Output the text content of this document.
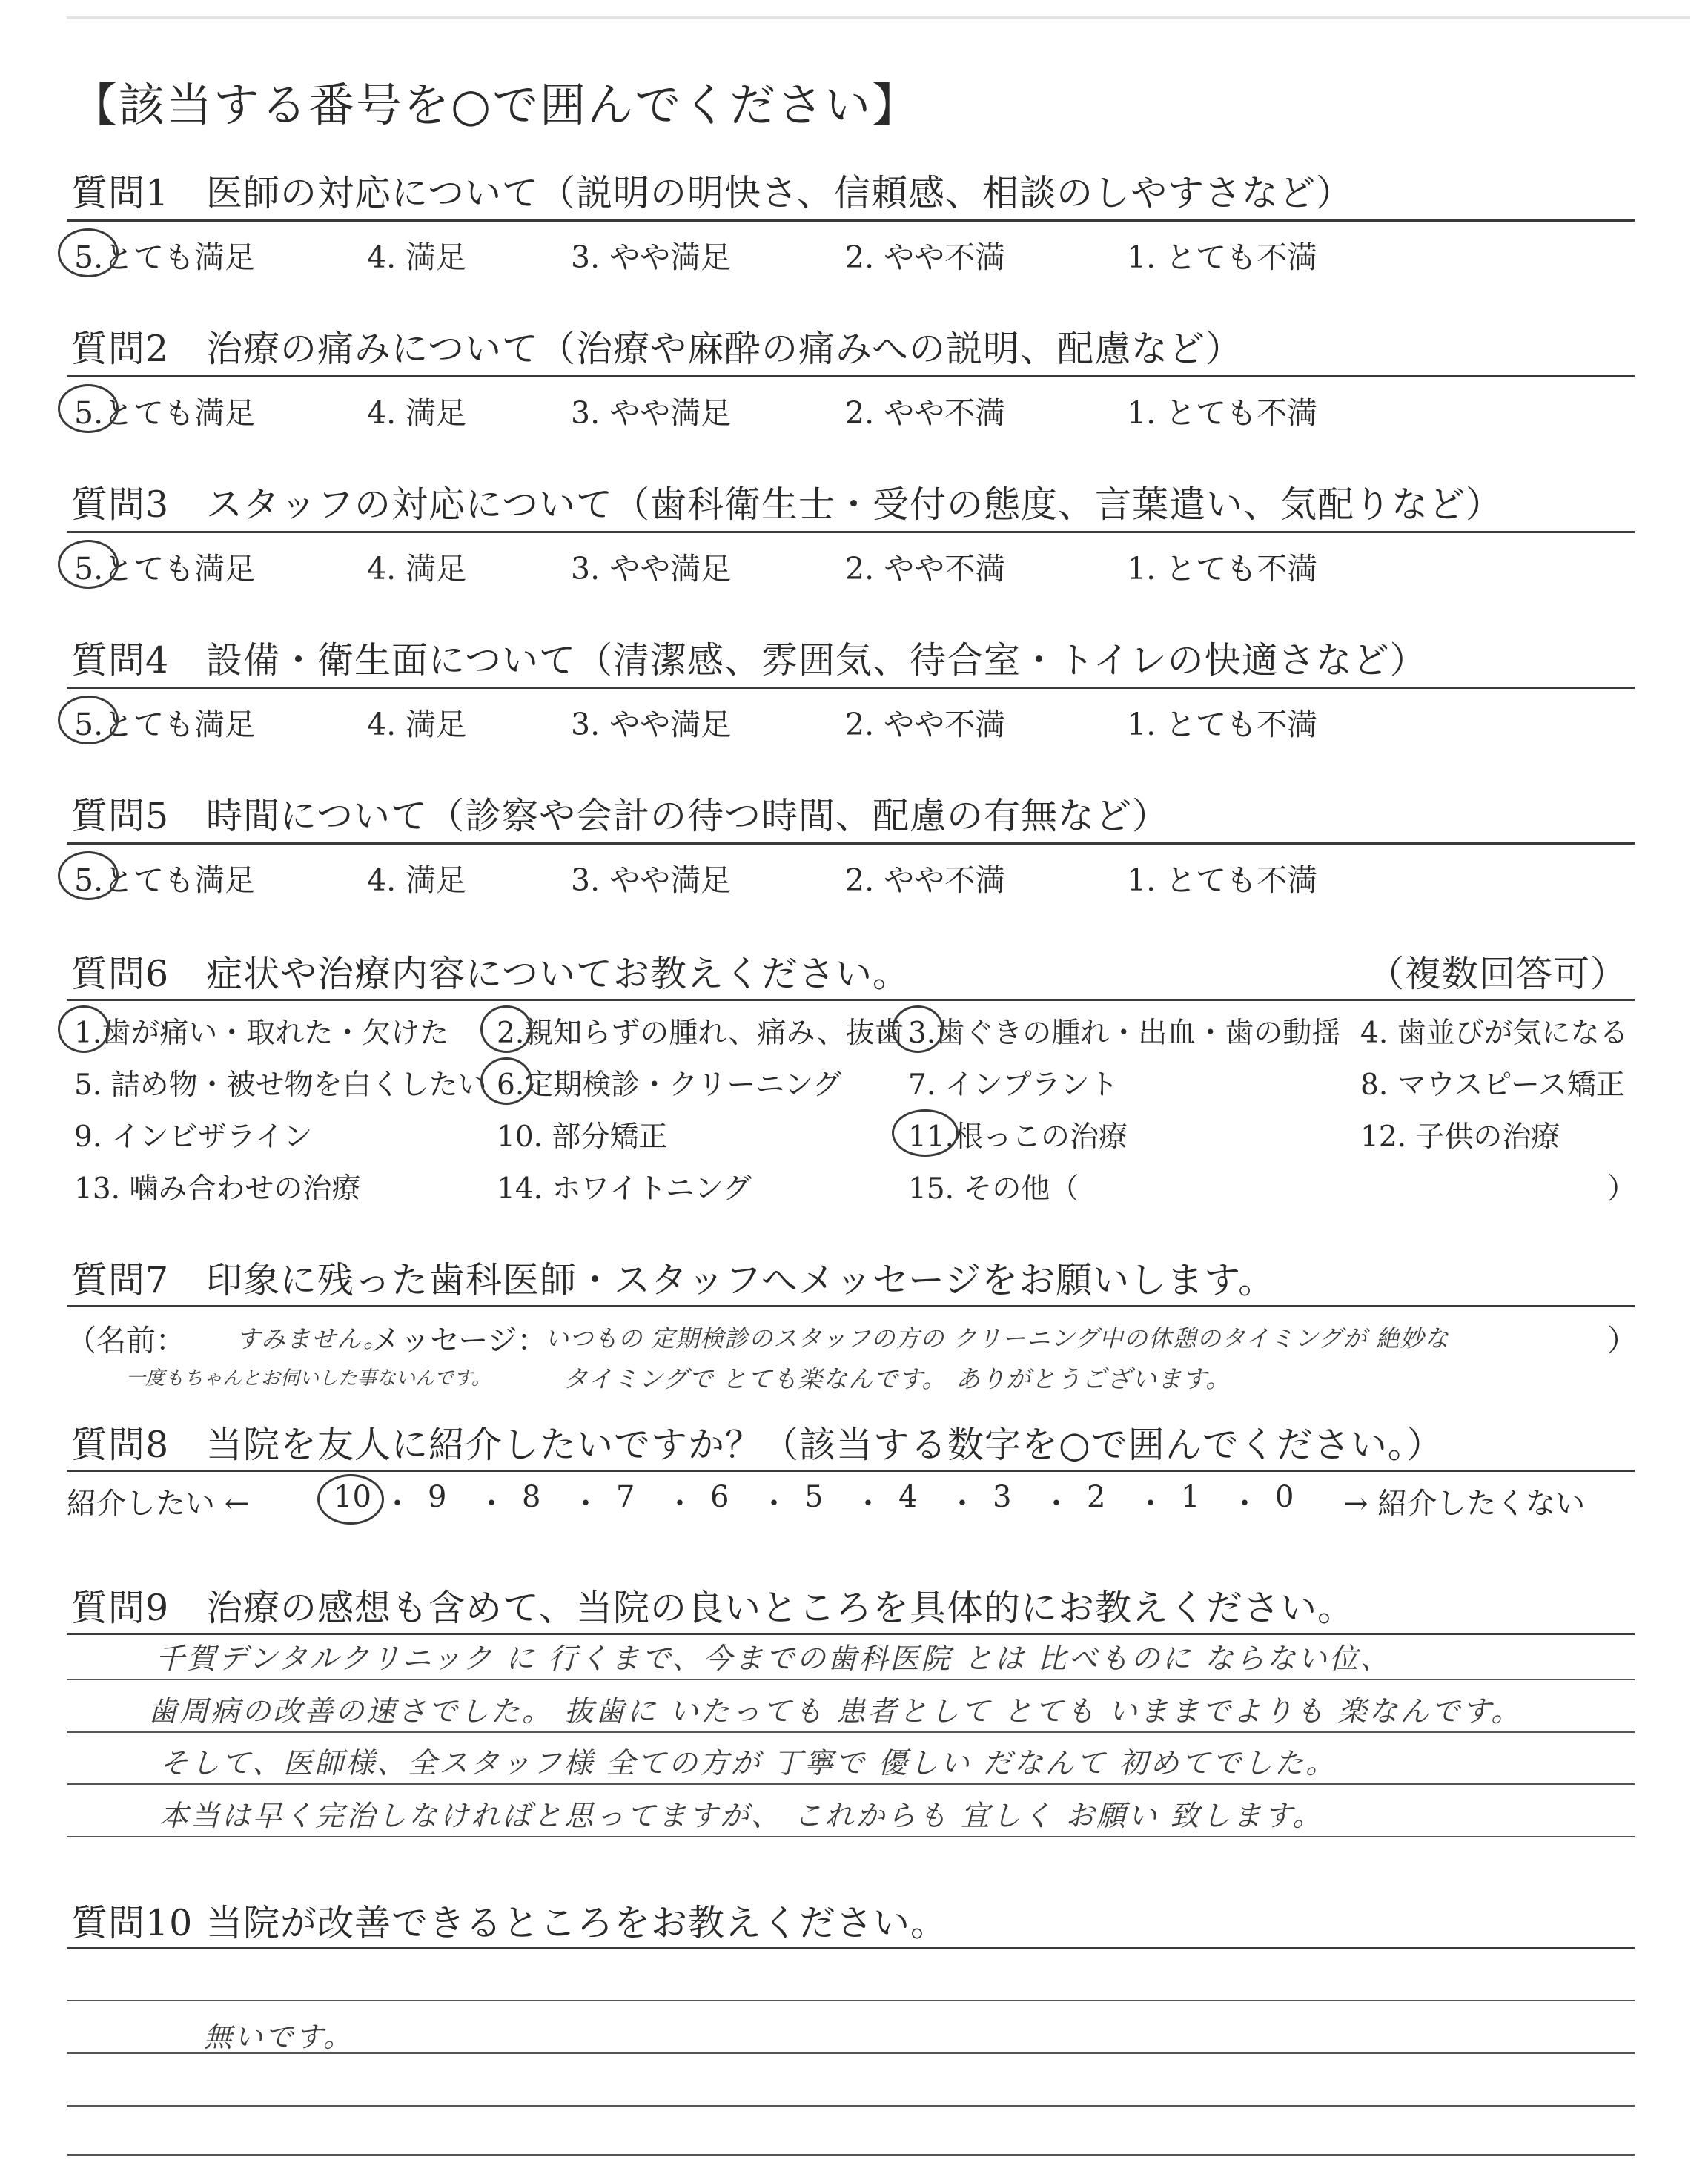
【該当する番号を○で囲んでください】
質問1 医師の対応について（説明の明快さ、信頼感、相談のしやすさなど）
5.とても満足	4. 満足	3. やや満足	2. やや不満	1. とても不満
質問2 治療の痛みについて（治療や麻酔の痛みへの説明、配慮など）
5.とても満足	4. 満足	3. やや満足	2. やや不満	1. とても不満
質問3 スタッフの対応について（歯科衛生士・受付の態度、言葉遣い、気配りなど）
5.とても満足	4. 満足	3. やや満足	2. やや不満	1. とても不満
質問4 設備・衛生面について（清潔感、雰囲気、待合室・トイレの快適さなど）
5.とても満足	4. 満足	3. やや満足	2. やや不満	1. とても不満
質問5 時間について（診察や会計の待つ時間、配慮の有無など）
5.とても満足	4. 満足	3. やや満足	2. やや不満	1. とても不満
質問6 症状や治療内容についてお教えください。	（複数回答可）
1.歯が痛い・取れた・欠けた 2.親知らずの腫れ、痛み、抜歯 3.歯ぐきの腫れ・出血・歯の動揺 4. 歯並びが気になる
5. 詰め物・被せ物を白くしたい 6.定期検診・クリーニング 7. インプラント	8. マウスピース矯正
9. インビザライン	10. 部分矯正	11.根っこの治療	12. 子供の治療
13. 噛み合わせの治療	14. ホワイトニング	15. その他（	）
質問7 印象に残った歯科医師・スタッフへメッセージをお願いします。
（名前： すみません。
メッセージ：
いつもの 定期検診のスタッフの方の クリーニング中の休憩のタイミングが 絶妙な	）
一度もちゃんとお伺いした事ないんです。	タイミングで とても楽なんです。 ありがとうございます。
質問8 当院を友人に紹介したいですか？（該当する数字を○で囲んでください。）
紹介したい ←	→ 紹介したくない
10 ・ 9 ・ 8 ・ 7 ・ 6 ・ 5 ・ 4 ・ 3 ・ 2 ・ 1 ・ 0
質問9 治療の感想も含めて、当院の良いところを具体的にお教えください。
千賀デンタルクリニック に 行くまで、今までの歯科医院 とは 比べものに ならない位、
歯周病の改善の速さでした。 抜歯に いたっても 患者として とても いままでよりも 楽なんです。
そして、医師様、全スタッフ様 全ての方が 丁寧で 優しい だなんて 初めてでした。
本当は早く完治しなければと思ってますが、 これからも 宜しく お願い 致します。
質問10 当院が改善できるところをお教えください。
無いです。
